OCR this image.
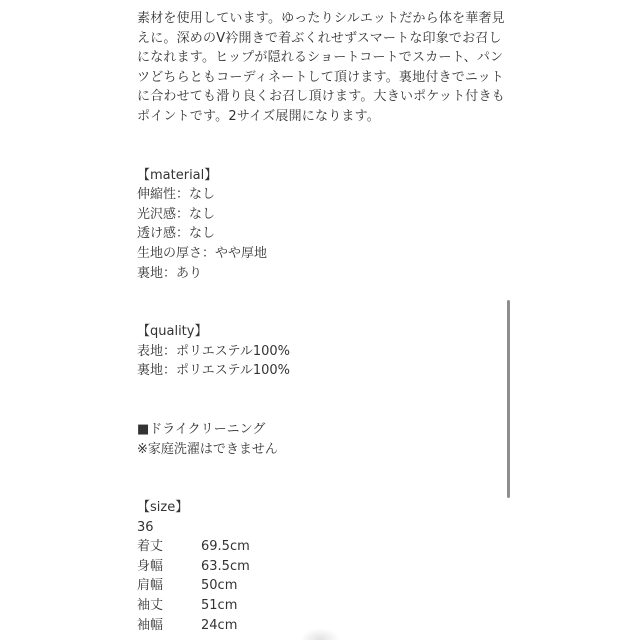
素材を使用しています。ゆったりシルエットだから体を華奢見
えに。深めのV衿開きで着ぶくれせずスマートな印象でお召し
になれます。ヒップが隠れるショートコートでスカート、パン
ツどちらともコーディネートして頂けます。裏地付きでニット
に合わせても滑り良くお召し頂けます。大きいポケット付きも
ポイントです。2サイズ展開になります。

【material】
伸縮性：なし
光沢感：なし
透け感：なし
生地の厚さ：やや厚地
裏地：あり
【quality】
表地：ポリエステル100%
裏地：ポリエステル100%
■ドライクリーニング
※家庭洗濯はできません
【size】
36
着丈	69.5cm
身幅	63.5cm
肩幅	50cm
袖丈	51cm
袖幅	24cm
